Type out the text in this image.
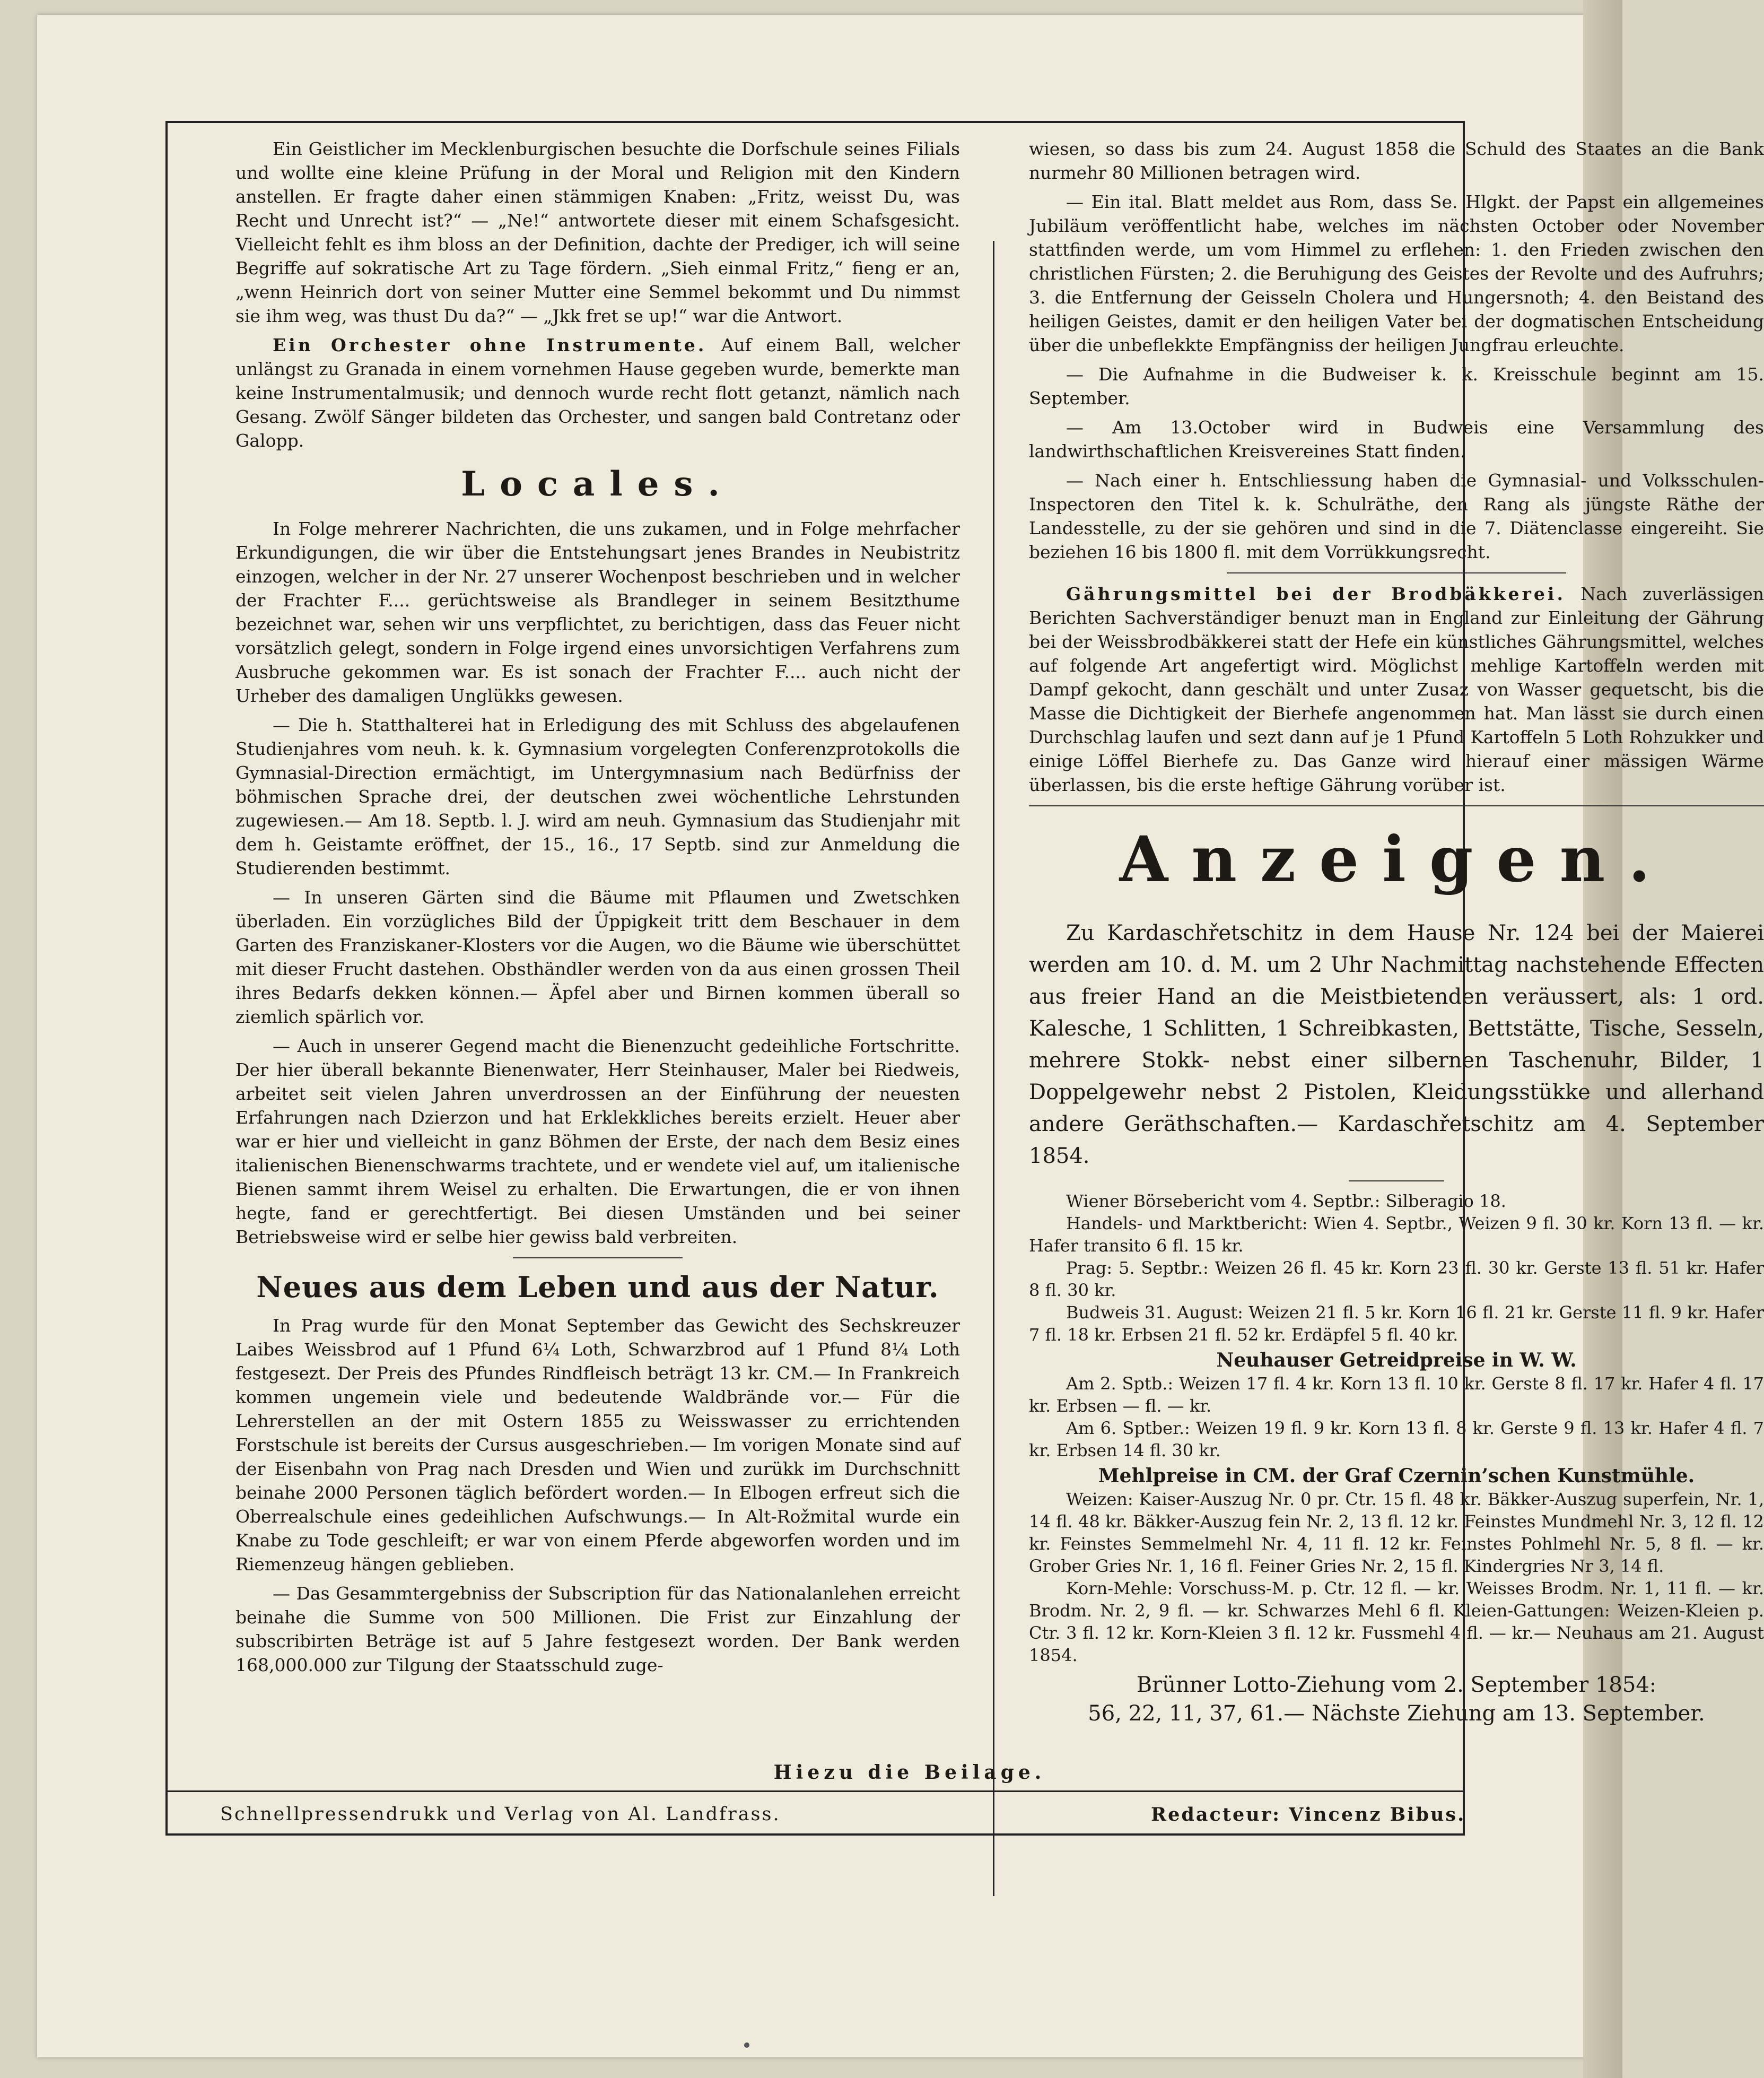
Ein Geistlicher im Mecklenburgischen besuchte die Dorfschule seines Filials und wollte eine kleine Prüfung in der Moral und Religion mit den Kindern anstellen. Er fragte daher einen stämmigen Knaben: „Fritz, weisst Du, was Recht und Unrecht ist?“ — „Ne!“ antwortete dieser mit einem Schafsgesicht. Vielleicht fehlt es ihm bloss an der Definition, dachte der Prediger, ich will seine Begriffe auf sokratische Art zu Tage fördern. „Sieh einmal Fritz,“ fieng er an, „wenn Heinrich dort von seiner Mutter eine Semmel bekommt und Du nimmst sie ihm weg, was thust Du da?“ — „Jkk fret se up!“ war die Antwort.

Ein Orchester ohne Instrumente. Auf einem Ball, welcher unlängst zu Granada in einem vornehmen Hause gegeben wurde, bemerkte man keine Instrumentalmusik; und dennoch wurde recht flott getanzt, nämlich nach Gesang. Zwölf Sänger bildeten das Orchester, und sangen bald Contretanz oder Galopp.

Locales.

In Folge mehrerer Nachrichten, die uns zukamen, und in Folge mehrfacher Erkundigungen, die wir über die Entstehungsart jenes Brandes in Neubistritz einzogen, welcher in der Nr. 27 unserer Wochenpost beschrieben und in welcher der Frachter F.... gerüchtsweise als Brandleger in seinem Besitzthume bezeichnet war, sehen wir uns verpflichtet, zu berichtigen, dass das Feuer nicht vorsätzlich gelegt, sondern in Folge irgend eines unvorsichtigen Verfahrens zum Ausbruche gekommen war. Es ist sonach der Frachter F.... auch nicht der Urheber des damaligen Unglükks gewesen.

— Die h. Statthalterei hat in Erledigung des mit Schluss des abgelaufenen Studienjahres vom neuh. k. k. Gymnasium vorgelegten Conferenzprotokolls die Gymnasial-Direction ermächtigt, im Untergymnasium nach Bedürfniss der böhmischen Sprache drei, der deutschen zwei wöchentliche Lehrstunden zugewiesen.— Am 18. Septb. l. J. wird am neuh. Gymnasium das Studienjahr mit dem h. Geistamte eröffnet, der 15., 16., 17 Septb. sind zur Anmeldung die Studierenden bestimmt.

— In unseren Gärten sind die Bäume mit Pflaumen und Zwetschken überladen. Ein vorzügliches Bild der Üppigkeit tritt dem Beschauer in dem Garten des Franziskaner-Klosters vor die Augen, wo die Bäume wie überschüttet mit dieser Frucht dastehen. Obsthändler werden von da aus einen grossen Theil ihres Bedarfs dekken können.— Äpfel aber und Birnen kommen überall so ziemlich spärlich vor.

— Auch in unserer Gegend macht die Bienenzucht gedeihliche Fortschritte. Der hier überall bekannte Bienenwater, Herr Steinhauser, Maler bei Riedweis, arbeitet seit vielen Jahren unverdrossen an der Einführung der neuesten Erfahrungen nach Dzierzon und hat Erklekkliches bereits erzielt. Heuer aber war er hier und vielleicht in ganz Böhmen der Erste, der nach dem Besiz eines italienischen Bienenschwarms trachtete, und er wendete viel auf, um italienische Bienen sammt ihrem Weisel zu erhalten. Die Erwartungen, die er von ihnen hegte, fand er gerechtfertigt. Bei diesen Umständen und bei seiner Betriebsweise wird er selbe hier gewiss bald verbreiten.

Neues aus dem Leben und aus der Natur.

In Prag wurde für den Monat September das Gewicht des Sechskreuzer Laibes Weissbrod auf 1 Pfund 6¼ Loth, Schwarzbrod auf 1 Pfund 8¼ Loth festgesezt. Der Preis des Pfundes Rindfleisch beträgt 13 kr. CM.— In Frankreich kommen ungemein viele und bedeutende Waldbrände vor.— Für die Lehrerstellen an der mit Ostern 1855 zu Weisswasser zu errichtenden Forstschule ist bereits der Cursus ausgeschrieben.— Im vorigen Monate sind auf der Eisenbahn von Prag nach Dresden und Wien und zurükk im Durchschnitt beinahe 2000 Personen täglich befördert worden.— In Elbogen erfreut sich die Oberrealschule eines gedeihlichen Aufschwungs.— In Alt-Rožmital wurde ein Knabe zu Tode geschleift; er war von einem Pferde abgeworfen worden und im Riemenzeug hängen geblieben.

— Das Gesammtergebniss der Subscription für das Nationalanlehen erreicht beinahe die Summe von 500 Millionen. Die Frist zur Einzahlung der subscribirten Beträge ist auf 5 Jahre festgesezt worden. Der Bank werden 168,000.000 zur Tilgung der Staatsschuld zuge-

wiesen, so dass bis zum 24. August 1858 die Schuld des Staates an die Bank nurmehr 80 Millionen betragen wird.

— Ein ital. Blatt meldet aus Rom, dass Se. Hlgkt. der Papst ein allgemeines Jubiläum veröffentlicht habe, welches im nächsten October oder November stattfinden werde, um vom Himmel zu erflehen: 1. den Frieden zwischen den christlichen Fürsten; 2. die Beruhigung des Geistes der Revolte und des Aufruhrs; 3. die Entfernung der Geisseln Cholera und Hungersnoth; 4. den Beistand des heiligen Geistes, damit er den heiligen Vater bei der dogmatischen Entscheidung über die unbeflekkte Empfängniss der heiligen Jungfrau erleuchte.

— Die Aufnahme in die Budweiser k. k. Kreisschule beginnt am 15. September.

— Am 13.October wird in Budweis eine Versammlung des landwirthschaftlichen Kreisvereines Statt finden.

— Nach einer h. Entschliessung haben die Gymnasial- und Volksschulen-Inspectoren den Titel k. k. Schulräthe, den Rang als jüngste Räthe der Landesstelle, zu der sie gehören und sind in die 7. Diätenclasse eingereiht. Sie beziehen 16 bis 1800 fl. mit dem Vorrükkungsrecht.

Gährungsmittel bei der Brodbäkkerei. Nach zuverlässigen Berichten Sachverständiger benuzt man in England zur Einleitung der Gährung bei der Weissbrodbäkkerei statt der Hefe ein künstliches Gährungsmittel, welches auf folgende Art angefertigt wird. Möglichst mehlige Kartoffeln werden mit Dampf gekocht, dann geschält und unter Zusaz von Wasser gequetscht, bis die Masse die Dichtigkeit der Bierhefe angenommen hat. Man lässt sie durch einen Durchschlag laufen und sezt dann auf je 1 Pfund Kartoffeln 5 Loth Rohzukker und einige Löffel Bierhefe zu. Das Ganze wird hierauf einer mässigen Wärme überlassen, bis die erste heftige Gährung vorüber ist.

Anzeigen.

Zu Kardaschřetschitz in dem Hause Nr. 124 bei der Maierei werden am 10. d. M. um 2 Uhr Nachmittag nachstehende Effecten aus freier Hand an die Meistbietenden veräussert, als: 1 ord. Kalesche, 1 Schlitten, 1 Schreibkasten, Bettstätte, Tische, Sesseln, mehrere Stokk- nebst einer silbernen Taschenuhr, Bilder, 1 Doppelgewehr nebst 2 Pistolen, Kleidungsstükke und allerhand andere Geräthschaften.— Kardaschřetschitz am 4. September 1854.

Wiener Börsebericht vom 4. Septbr.: Silberagio 18.

Handels- und Marktbericht: Wien 4. Septbr., Weizen 9 fl. 30 kr. Korn 13 fl. — kr. Hafer transito 6 fl. 15 kr.

Prag: 5. Septbr.: Weizen 26 fl. 45 kr. Korn 23 fl. 30 kr. Gerste 13 fl. 51 kr. Hafer 8 fl. 30 kr.

Budweis 31. August: Weizen 21 fl. 5 kr. Korn 16 fl. 21 kr. Gerste 11 fl. 9 kr. Hafer 7 fl. 18 kr. Erbsen 21 fl. 52 kr. Erdäpfel 5 fl. 40 kr.

Neuhauser Getreidpreise in W. W.

Am 2. Sptb.: Weizen 17 fl. 4 kr. Korn 13 fl. 10 kr. Gerste 8 fl. 17 kr. Hafer 4 fl. 17 kr. Erbsen — fl. — kr.

Am 6. Sptber.: Weizen 19 fl. 9 kr. Korn 13 fl. 8 kr. Gerste 9 fl. 13 kr. Hafer 4 fl. 7 kr. Erbsen 14 fl. 30 kr.

Mehlpreise in CM. der Graf Czernin’schen Kunstmühle.

Weizen: Kaiser-Auszug Nr. 0 pr. Ctr. 15 fl. 48 kr. Bäkker-Auszug superfein, Nr. 1, 14 fl. 48 kr. Bäkker-Auszug fein Nr. 2, 13 fl. 12 kr. Feinstes Mundmehl Nr. 3, 12 fl. 12 kr. Feinstes Semmelmehl Nr. 4, 11 fl. 12 kr. Feinstes Pohlmehl Nr. 5, 8 fl. — kr. Grober Gries Nr. 1, 16 fl. Feiner Gries Nr. 2, 15 fl. Kindergries Nr 3, 14 fl.

Korn-Mehle: Vorschuss-M. p. Ctr. 12 fl. — kr. Weisses Brodm. Nr. 1, 11 fl. — kr. Brodm. Nr. 2, 9 fl. — kr. Schwarzes Mehl 6 fl. Kleien-Gattungen: Weizen-Kleien p. Ctr. 3 fl. 12 kr. Korn-Kleien 3 fl. 12 kr. Fussmehl 4 fl. — kr.— Neuhaus am 21. August 1854.

Brünner Lotto-Ziehung vom 2. September 1854:
56, 22, 11, 37, 61.— Nächste Ziehung am 13. September.
Hiezu die Beilage.
Schnellpressendrukk und Verlag von Al. Landfrass.	Redacteur: Vincenz Bibus.
